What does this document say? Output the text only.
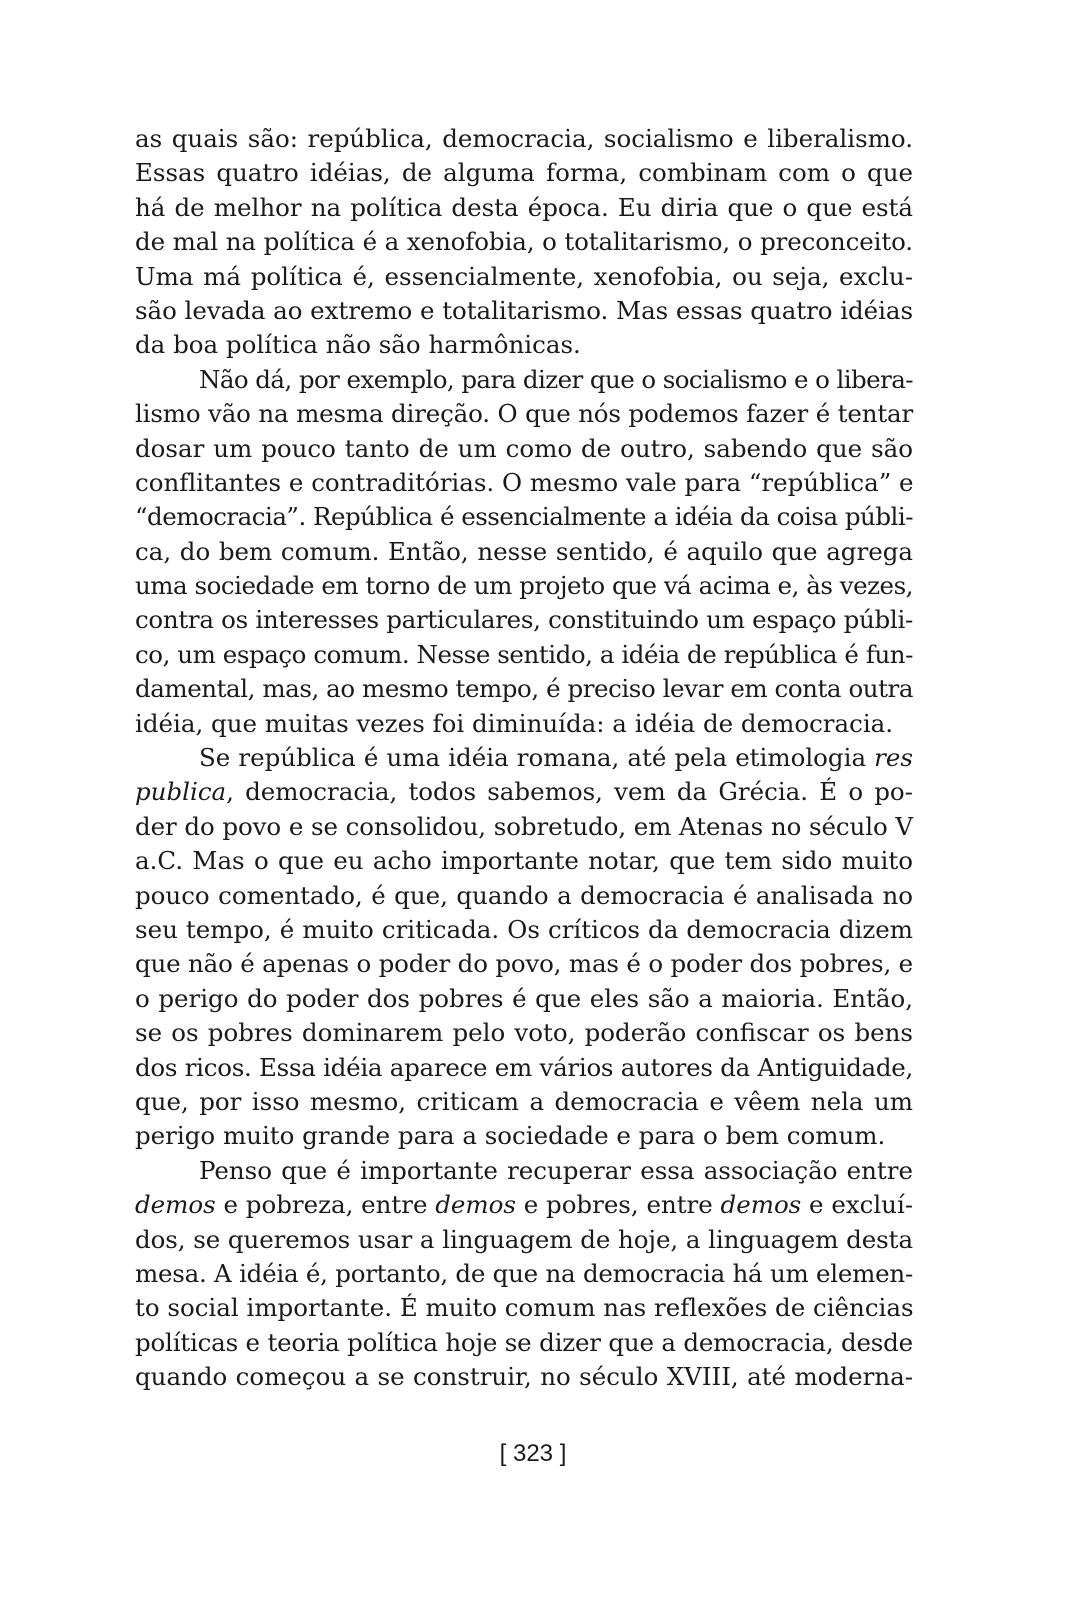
as quais são: república, democracia, socialismo e liberalismo.
Essas quatro idéias, de alguma forma, combinam com o que
há de melhor na política desta época. Eu diria que o que está
de mal na política é a xenofobia, o totalitarismo, o preconceito.
Uma má política é, essencialmente, xenofobia, ou seja, exclu-
são levada ao extremo e totalitarismo. Mas essas quatro idéias
da boa política não são harmônicas.
Não dá, por exemplo, para dizer que o socialismo e o libera-
lismo vão na mesma direção. O que nós podemos fazer é tentar
dosar um pouco tanto de um como de outro, sabendo que são
conflitantes e contraditórias. O mesmo vale para “república” e
“democracia”. República é essencialmente a idéia da coisa públi-
ca, do bem comum. Então, nesse sentido, é aquilo que agrega
uma sociedade em torno de um projeto que vá acima e, às vezes,
contra os interesses particulares, constituindo um espaço públi-
co, um espaço comum. Nesse sentido, a idéia de república é fun-
damental, mas, ao mesmo tempo, é preciso levar em conta outra
idéia, que muitas vezes foi diminuída: a idéia de democracia.
Se república é uma idéia romana, até pela etimologia res
publica, democracia, todos sabemos, vem da Grécia. É o po-
der do povo e se consolidou, sobretudo, em Atenas no século V
a.C. Mas o que eu acho importante notar, que tem sido muito
pouco comentado, é que, quando a democracia é analisada no
seu tempo, é muito criticada. Os críticos da democracia dizem
que não é apenas o poder do povo, mas é o poder dos pobres, e
o perigo do poder dos pobres é que eles são a maioria. Então,
se os pobres dominarem pelo voto, poderão confiscar os bens
dos ricos. Essa idéia aparece em vários autores da Antiguidade,
que, por isso mesmo, criticam a democracia e vêem nela um
perigo muito grande para a sociedade e para o bem comum.
Penso que é importante recuperar essa associação entre
demos e pobreza, entre demos e pobres, entre demos e excluí-
dos, se queremos usar a linguagem de hoje, a linguagem desta
mesa. A idéia é, portanto, de que na democracia há um elemen-
to social importante. É muito comum nas reflexões de ciências
políticas e teoria política hoje se dizer que a democracia, desde
quando começou a se construir, no século XVIII, até moderna-
[ 323 ]
